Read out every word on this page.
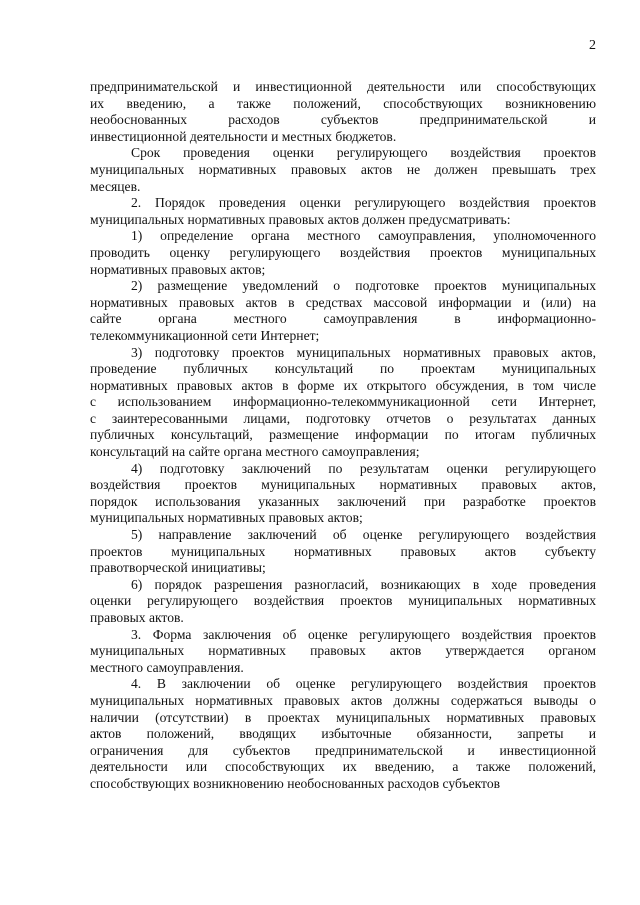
2
предпринимательской и инвестиционной деятельности или способствующих
их введению, а также положений, способствующих возникновению
необоснованных расходов субъектов предпринимательской и
инвестиционной деятельности и местных бюджетов.
Срок проведения оценки регулирующего воздействия проектов
муниципальных нормативных правовых актов не должен превышать трех
месяцев.
2. Порядок проведения оценки регулирующего воздействия проектов
муниципальных нормативных правовых актов должен предусматривать:
1) определение органа местного самоуправления, уполномоченного
проводить оценку регулирующего воздействия проектов муниципальных
нормативных правовых актов;
2) размещение уведомлений о подготовке проектов муниципальных
нормативных правовых актов в средствах массовой информации и (или) на
сайте органа местного самоуправления в информационно-
телекоммуникационной сети Интернет;
3) подготовку проектов муниципальных нормативных правовых актов,
проведение публичных консультаций по проектам муниципальных
нормативных правовых актов в форме их открытого обсуждения, в том числе
с использованием информационно-телекоммуникационной сети Интернет,
с заинтересованными лицами, подготовку отчетов о результатах данных
публичных консультаций, размещение информации по итогам публичных
консультаций на сайте органа местного самоуправления;
4) подготовку заключений по результатам оценки регулирующего
воздействия проектов муниципальных нормативных правовых актов,
порядок использования указанных заключений при разработке проектов
муниципальных нормативных правовых актов;
5) направление заключений об оценке регулирующего воздействия
проектов муниципальных нормативных правовых актов субъекту
правотворческой инициативы;
6) порядок разрешения разногласий, возникающих в ходе проведения
оценки регулирующего воздействия проектов муниципальных нормативных
правовых актов.
3. Форма заключения об оценке регулирующего воздействия проектов
муниципальных нормативных правовых актов утверждается органом
местного самоуправления.
4. В заключении об оценке регулирующего воздействия проектов
муниципальных нормативных правовых актов должны содержаться выводы о
наличии (отсутствии) в проектах муниципальных нормативных правовых
актов положений, вводящих избыточные обязанности, запреты и
ограничения для субъектов предпринимательской и инвестиционной
деятельности или способствующих их введению, а также положений,
способствующих возникновению необоснованных расходов субъектов
